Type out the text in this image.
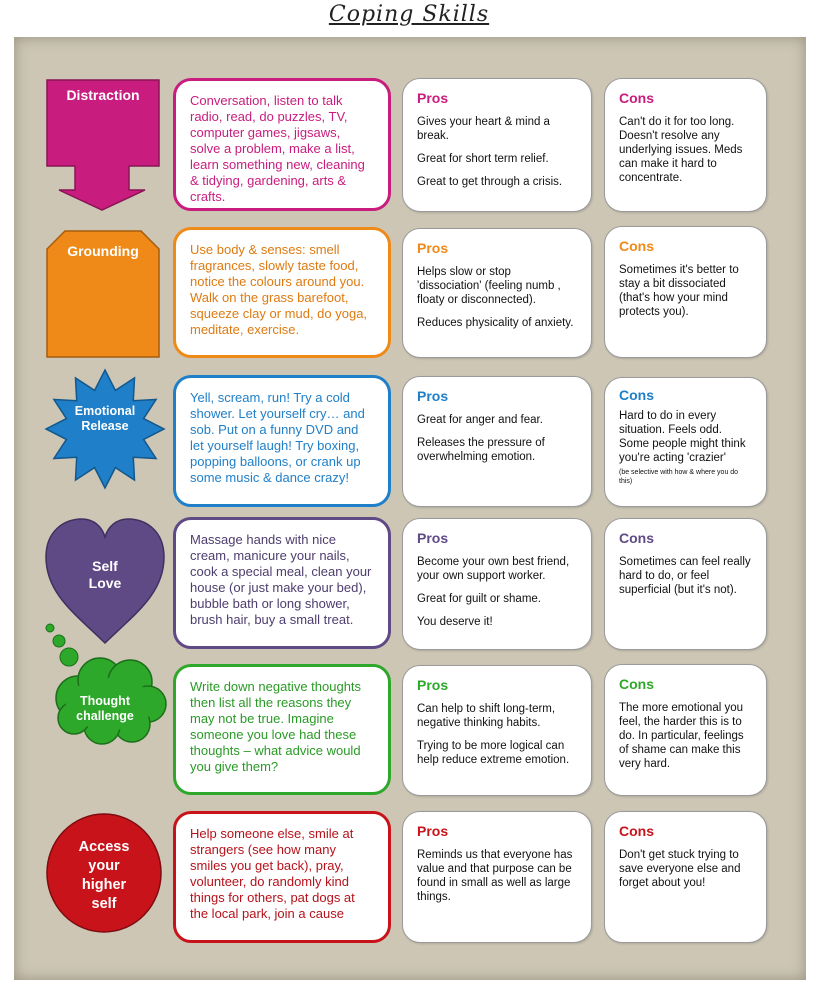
Coping Skills
Distraction	Conversation, listen to talk radio, read, do puzzles, TV, computer games, jigsaws, solve a problem, make a list, learn something new, cleaning & tidying, gardening, arts & crafts.
Pros

Gives your heart & mind a break.

Great for short term relief.

Great to get through a crisis.

Cons

Can't do it for too long. Doesn't resolve any underlying issues. Meds can make it hard to concentrate.

Grounding	Use body & senses: smell fragrances, slowly taste food, notice the colours around you. Walk on the grass barefoot, squeeze clay or mud, do yoga, meditate, exercise.
Pros

Helps slow or stop 'dissociation' (feeling numb , floaty or disconnected).

Reduces physicality of anxiety.

Cons

Sometimes it's better to stay a bit dissociated (that's how your mind protects you).

Emotional
Release
Yell, scream, run! Try a cold shower. Let yourself cry… and sob. Put on a funny DVD and let yourself laugh! Try boxing, popping balloons, or crank up some music & dance crazy!
Pros

Great for anger and fear.

Releases the pressure of overwhelming emotion.

Cons

Hard to do in every situation. Feels odd. Some people might think you're acting 'crazier'

(be selective with how & where you do this)

Self
Love
Massage hands with nice cream, manicure your nails, cook a special meal, clean your house (or just make your bed), bubble bath or long shower, brush hair, buy a small treat.
Pros

Become your own best friend, your own support worker.

Great for guilt or shame.

You deserve it!

Cons

Sometimes can feel really hard to do, or feel superficial (but it's not).

Thought
challenge
Write down negative thoughts then list all the reasons they may not be true. Imagine someone you love had these thoughts – what advice would you give them?
Pros

Can help to shift long-term, negative thinking habits.

Trying to be more logical can help reduce extreme emotion.

Cons

The more emotional you feel, the harder this is to do. In particular, feelings of shame can make this very hard.

Access
your
higher
self
Help someone else, smile at strangers (see how many smiles you get back), pray, volunteer, do randomly kind things for others, pat dogs at the local park, join a cause
Pros

Reminds us that everyone has value and that purpose can be found in small as well as large things.

Cons

Don't get stuck trying to save everyone else and forget about you!
